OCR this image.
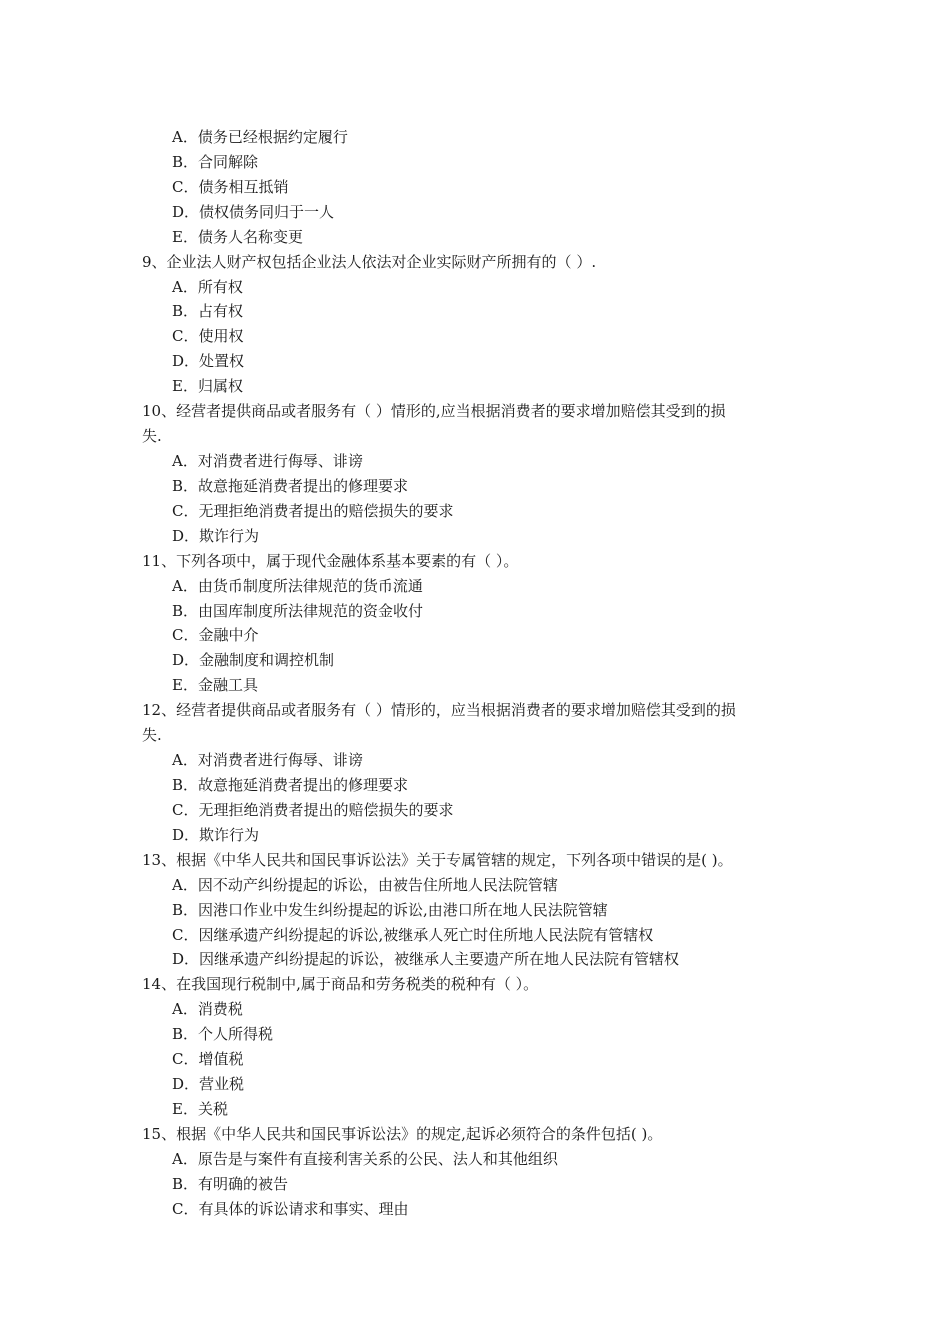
A．债务已经根据约定履行
B．合同解除
C．债务相互抵销
D．债权债务同归于一人
E．债务人名称变更
9、企业法人财产权包括企业法人依法对企业实际财产所拥有的（ ）.
A．所有权
B．占有权
C．使用权
D．处置权
E．归属权
10、经营者提供商品或者服务有（ ）情形的,应当根据消费者的要求增加赔偿其受到的损
失.
A．对消费者进行侮辱、诽谤
B．故意拖延消费者提出的修理要求
C．无理拒绝消费者提出的赔偿损失的要求
D．欺诈行为
11、下列各项中，属于现代金融体系基本要素的有（ ）。
A．由货币制度所法律规范的货币流通
B．由国库制度所法律规范的资金收付
C．金融中介
D．金融制度和调控机制
E．金融工具
12、经营者提供商品或者服务有（ ）情形的，应当根据消费者的要求增加赔偿其受到的损
失.
A．对消费者进行侮辱、诽谤
B．故意拖延消费者提出的修理要求
C．无理拒绝消费者提出的赔偿损失的要求
D．欺诈行为
13、根据《中华人民共和国民事诉讼法》关于专属管辖的规定，下列各项中错误的是( )。
A．因不动产纠纷提起的诉讼，由被告住所地人民法院管辖
B．因港口作业中发生纠纷提起的诉讼,由港口所在地人民法院管辖
C．因继承遗产纠纷提起的诉讼,被继承人死亡时住所地人民法院有管辖权
D．因继承遗产纠纷提起的诉讼，被继承人主要遗产所在地人民法院有管辖权
14、在我国现行税制中,属于商品和劳务税类的税种有（ ）。
A．消费税
B．个人所得税
C．增值税
D．营业税
E．关税
15、根据《中华人民共和国民事诉讼法》的规定,起诉必须符合的条件包括( )。
A．原告是与案件有直接利害关系的公民、法人和其他组织
B．有明确的被告
C．有具体的诉讼请求和事实、理由
